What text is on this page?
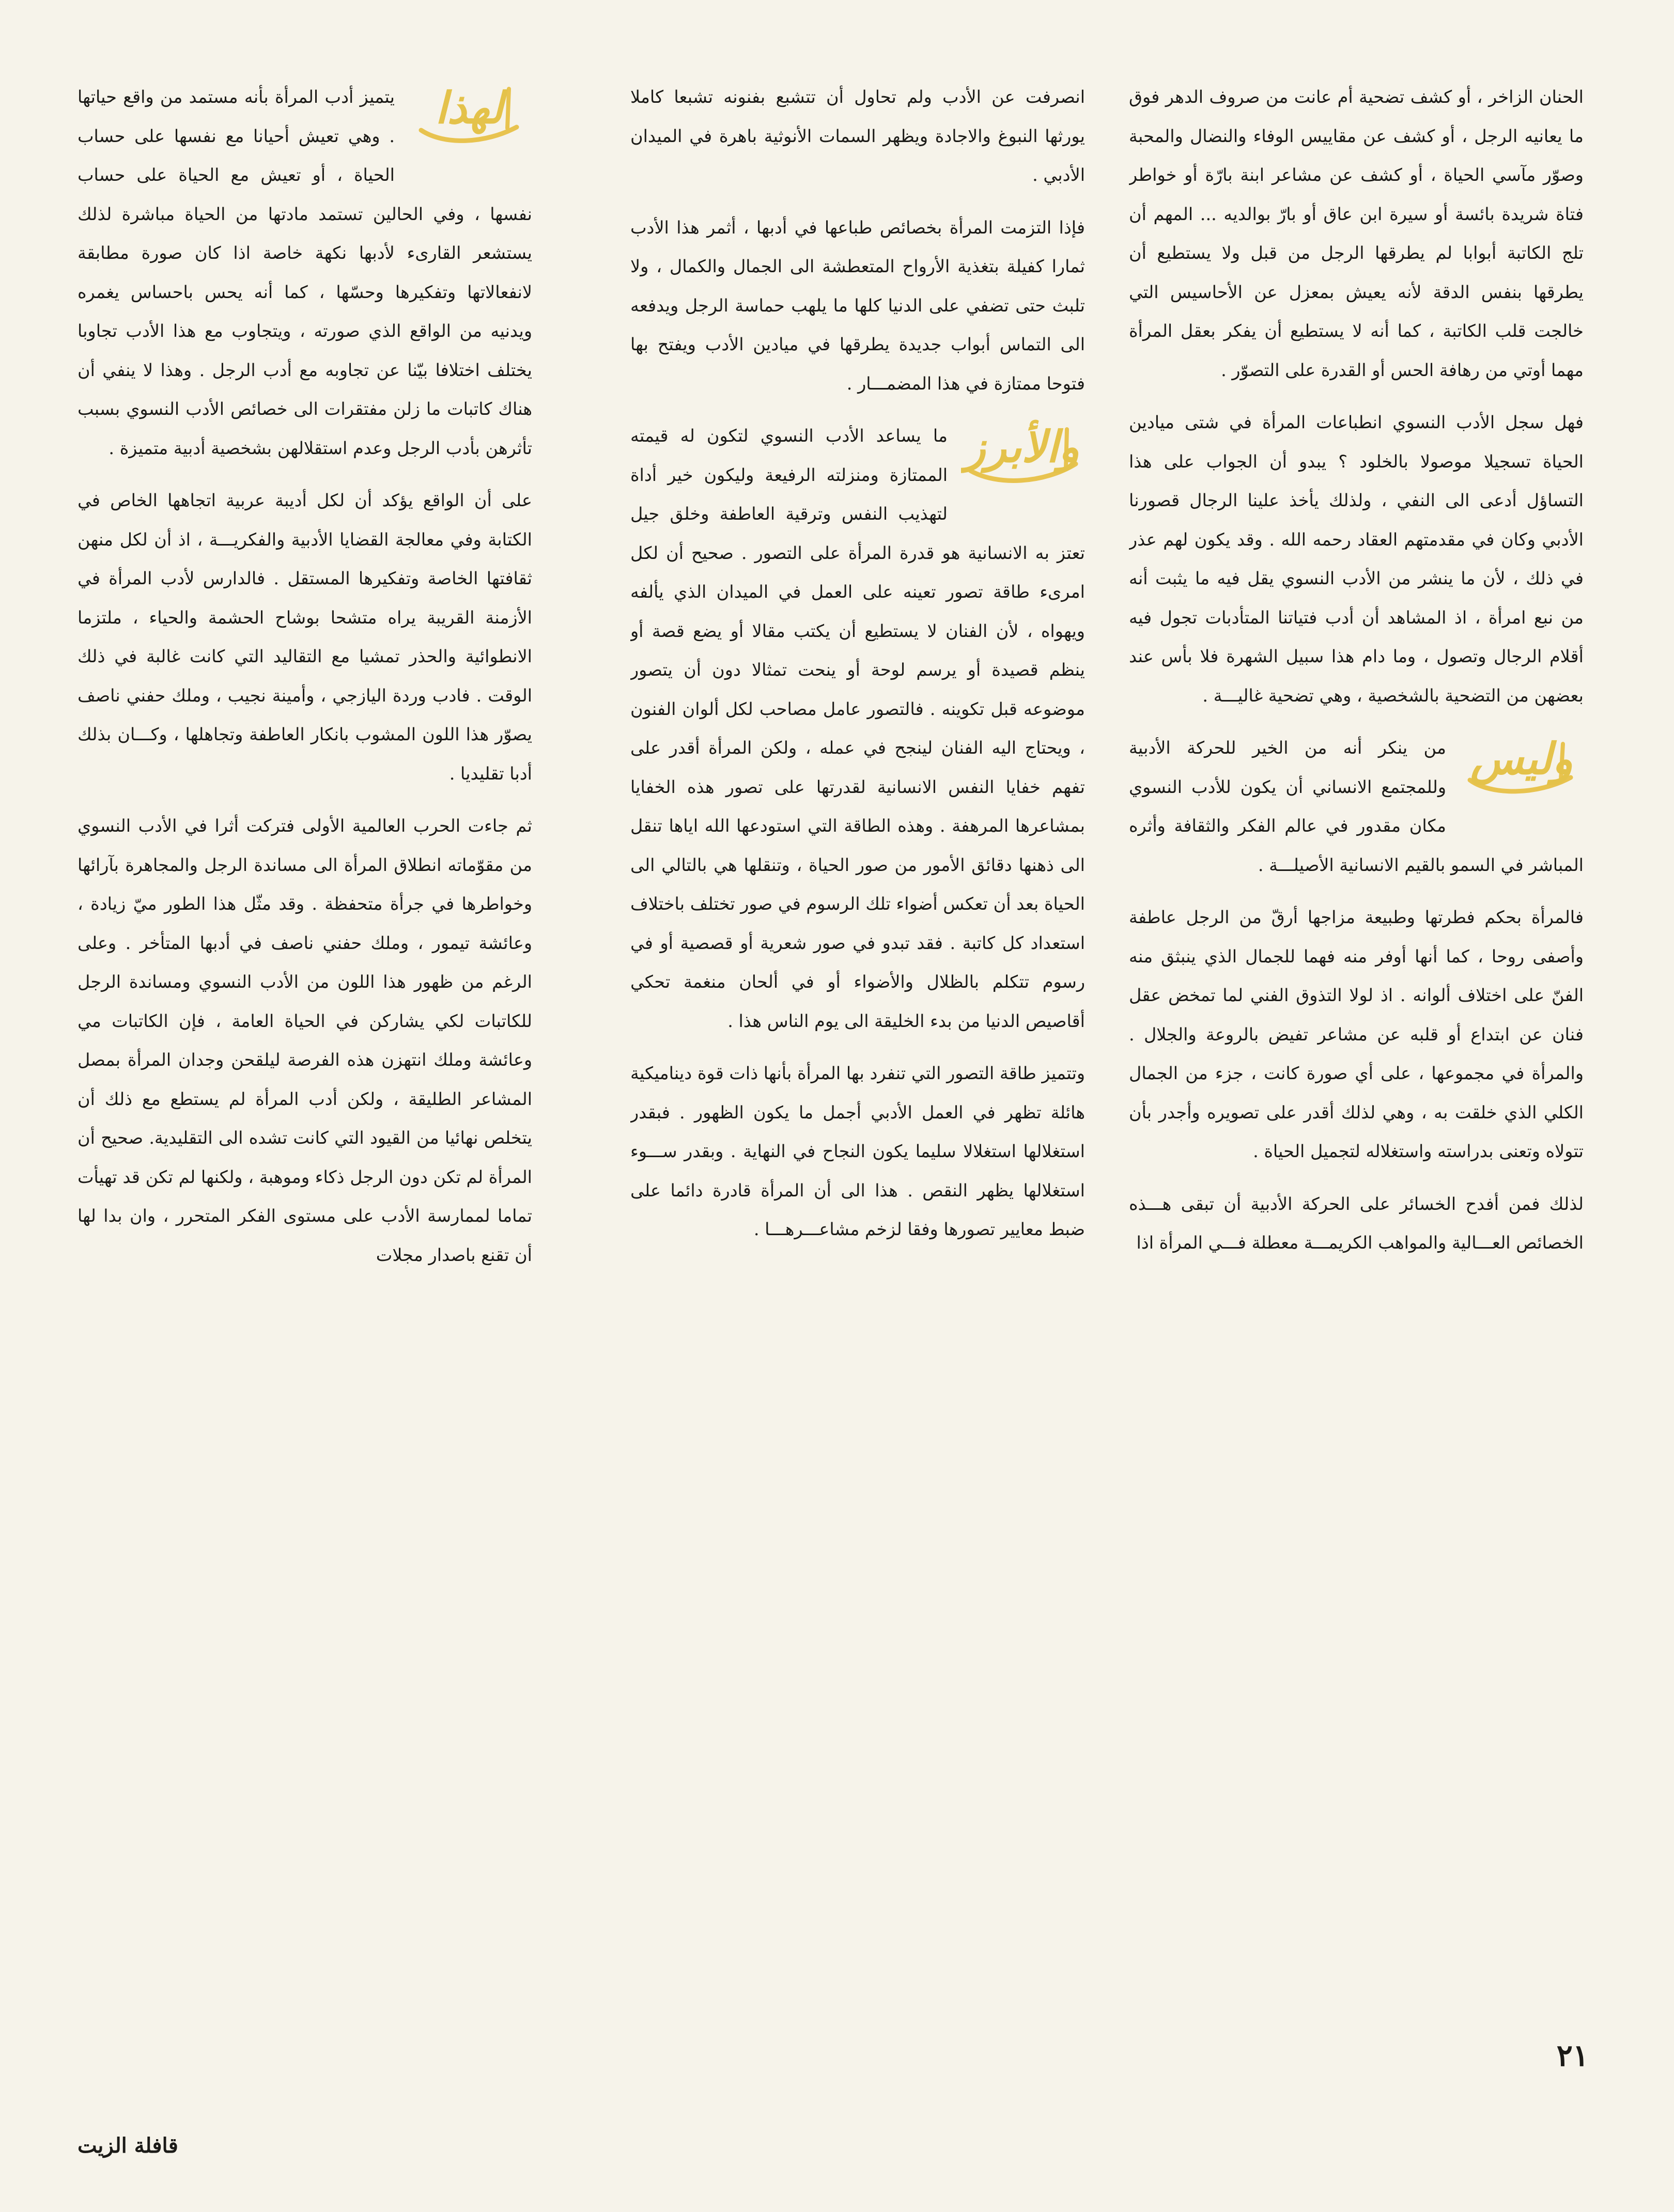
الحنان الزاخر ، أو كشف تضحية أم عانت من صروف الدهر فوق ما يعانيه الرجل ، أو كشف عن مقاييس الوفاء والنضال والمحبة وصوّر مآسي الحياة ، أو كشف عن مشاعر ابنة بارّة أو خواطر فتاة شريدة بائسة أو سيرة ابن عاق أو بارّ بوالديه ... المهم أن تلج الكاتبة أبوابا لم يطرقها الرجل من قبل ولا يستطيع أن يطرقها بنفس الدقة لأنه يعيش بمعزل عن الأحاسيس التي خالجت قلب الكاتبة ، كما أنه لا يستطيع أن يفكر بعقل المرأة مهما أوتي من رهافة الحس أو القدرة على التصوّر .

فهل سجل الأدب النسوي انطباعات المرأة في شتى ميادين الحياة تسجيلا موصولا بالخلود ؟ يبدو أن الجواب على هذا التساؤل أدعى الى النفي ، ولذلك يأخذ علينا الرجال قصورنا الأدبي وكان في مقدمتهم العقاد رحمه الله . وقد يكون لهم عذر في ذلك ، لأن ما ينشر من الأدب النسوي يقل فيه ما يثبت أنه من نبع امرأة ، اذ المشاهد أن أدب فتياتنا المتأدبات تجول فيه أقلام الرجال وتصول ، وما دام هذا سبيل الشهرة فلا بأس عند بعضهن من التضحية بالشخصية ، وهي تضحية غاليـــة .

وليس
من ينكر أنه من الخير للحركة الأدبية وللمجتمع الانساني أن يكون للأدب النسوي مكان مقدور في عالم الفكر والثقافة وأثره المباشر في السمو بالقيم الانسانية الأصيلـــة .

فالمرأة بحكم فطرتها وطبيعة مزاجها أرقّ من الرجل عاطفة وأصفى روحا ، كما أنها أوفر منه فهما للجمال الذي ينبثق منه الفنّ على اختلاف ألوانه . اذ لولا التذوق الفني لما تمخض عقل فنان عن ابتداع أو قلبه عن مشاعر تفيض بالروعة والجلال . والمرأة في مجموعها ، على أي صورة كانت ، جزء من الجمال الكلي الذي خلقت به ، وهي لذلك أقدر على تصويره وأجدر بأن تتولاه وتعنى بدراسته واستغلاله لتجميل الحياة .

لذلك فمن أفدح الخسائر على الحركة الأدبية أن تبقى هـــذه الخصائص العـــالية والمواهب الكريمـــة معطلة فـــي المرأة اذا

انصرفت عن الأدب ولم تحاول أن تتشبع بفنونه تشبعا كاملا يورثها النبوغ والاجادة ويظهر السمات الأنوثية باهرة في الميدان الأدبي .

فإذا التزمت المرأة بخصائص طباعها في أدبها ، أثمر هذا الأدب ثمارا كفيلة بتغذية الأرواح المتعطشة الى الجمال والكمال ، ولا تلبث حتى تضفي على الدنيا كلها ما يلهب حماسة الرجل ويدفعه الى التماس أبواب جديدة يطرقها في ميادين الأدب ويفتح بها فتوحا ممتازة في هذا المضمـــار .

والأبرز
ما يساعد الأدب النسوي لتكون له قيمته الممتازة ومنزلته الرفيعة وليكون خير أداة لتهذيب النفس وترقية العاطفة وخلق جيل تعتز به الانسانية هو قدرة المرأة على التصور . صحيح أن لكل امرىء طاقة تصور تعينه على العمل في الميدان الذي يألفه ويهواه ، لأن الفنان لا يستطيع أن يكتب مقالا أو يضع قصة أو ينظم قصيدة أو يرسم لوحة أو ينحت تمثالا دون أن يتصور موضوعه قبل تكوينه . فالتصور عامل مصاحب لكل ألوان الفنون ، ويحتاج اليه الفنان لينجح في عمله ، ولكن المرأة أقدر على تفهم خفايا النفس الانسانية لقدرتها على تصور هذه الخفايا بمشاعرها المرهفة . وهذه الطاقة التي استودعها الله اياها تنقل الى ذهنها دقائق الأمور من صور الحياة ، وتنقلها هي بالتالي الى الحياة بعد أن تعكس أضواء تلك الرسوم في صور تختلف باختلاف استعداد كل كاتبة . فقد تبدو في صور شعرية أو قصصية أو في رسوم تتكلم بالظلال والأضواء أو في ألحان منغمة تحكي أقاصيص الدنيا من بدء الخليقة الى يوم الناس هذا .

وتتميز طاقة التصور التي تنفرد بها المرأة بأنها ذات قوة ديناميكية هائلة تظهر في العمل الأدبي أجمل ما يكون الظهور . فبقدر استغلالها استغلالا سليما يكون النجاح في النهاية . وبقدر ســـوء استغلالها يظهر النقص . هذا الى أن المرأة قادرة دائما على ضبط معايير تصورها وفقا لزخم مشاعـــرهـــا .

لهذا
يتميز أدب المرأة بأنه مستمد من واقع حياتها . وهي تعيش أحيانا مع نفسها على حساب الحياة ، أو تعيش مع الحياة على حساب نفسها ، وفي الحالين تستمد مادتها من الحياة مباشرة لذلك يستشعر القارىء لأدبها نكهة خاصة اذا كان صورة مطابقة لانفعالاتها وتفكيرها وحسّها ، كما أنه يحس باحساس يغمره ويدنيه من الواقع الذي صورته ، ويتجاوب مع هذا الأدب تجاوبا يختلف اختلافا بيّنا عن تجاوبه مع أدب الرجل . وهذا لا ينفي أن هناك كاتبات ما زلن مفتقرات الى خصائص الأدب النسوي بسبب تأثرهن بأدب الرجل وعدم استقلالهن بشخصية أدبية متميزة .

على أن الواقع يؤكد أن لكل أديبة عربية اتجاهها الخاص في الكتابة وفي معالجة القضايا الأدبية والفكريـــة ، اذ أن لكل منهن ثقافتها الخاصة وتفكيرها المستقل . فالدارس لأدب المرأة في الأزمنة القريبة يراه متشحا بوشاح الحشمة والحياء ، ملتزما الانطوائية والحذر تمشيا مع التقاليد التي كانت غالبة في ذلك الوقت . فادب وردة اليازجي ، وأمينة نجيب ، وملك حفني ناصف يصوّر هذا اللون المشوب بانكار العاطفة وتجاهلها ، وكـــان بذلك أدبا تقليديا .

ثم جاءت الحرب العالمية الأولى فتركت أثرا في الأدب النسوي من مقوّماته انطلاق المرأة الى مساندة الرجل والمجاهرة بآرائها وخواطرها في جرأة متحفظة . وقد مثّل هذا الطور ميّ زيادة ، وعائشة تيمور ، وملك حفني ناصف في أدبها المتأخر . وعلى الرغم من ظهور هذا اللون من الأدب النسوي ومساندة الرجل للكاتبات لكي يشاركن في الحياة العامة ، فإن الكاتبات مي وعائشة وملك انتهزن هذه الفرصة ليلقحن وجدان المرأة بمصل المشاعر الطليقة ، ولكن أدب المرأة لم يستطع مع ذلك أن يتخلص نهائيا من القيود التي كانت تشده الى التقليدية. صحيح أن المرأة لم تكن دون الرجل ذكاء وموهبة ، ولكنها لم تكن قد تهيأت تماما لممارسة الأدب على مستوى الفكر المتحرر ، وان بدا لها أن تقنع باصدار مجلات

٢١
قافلة الزيت
